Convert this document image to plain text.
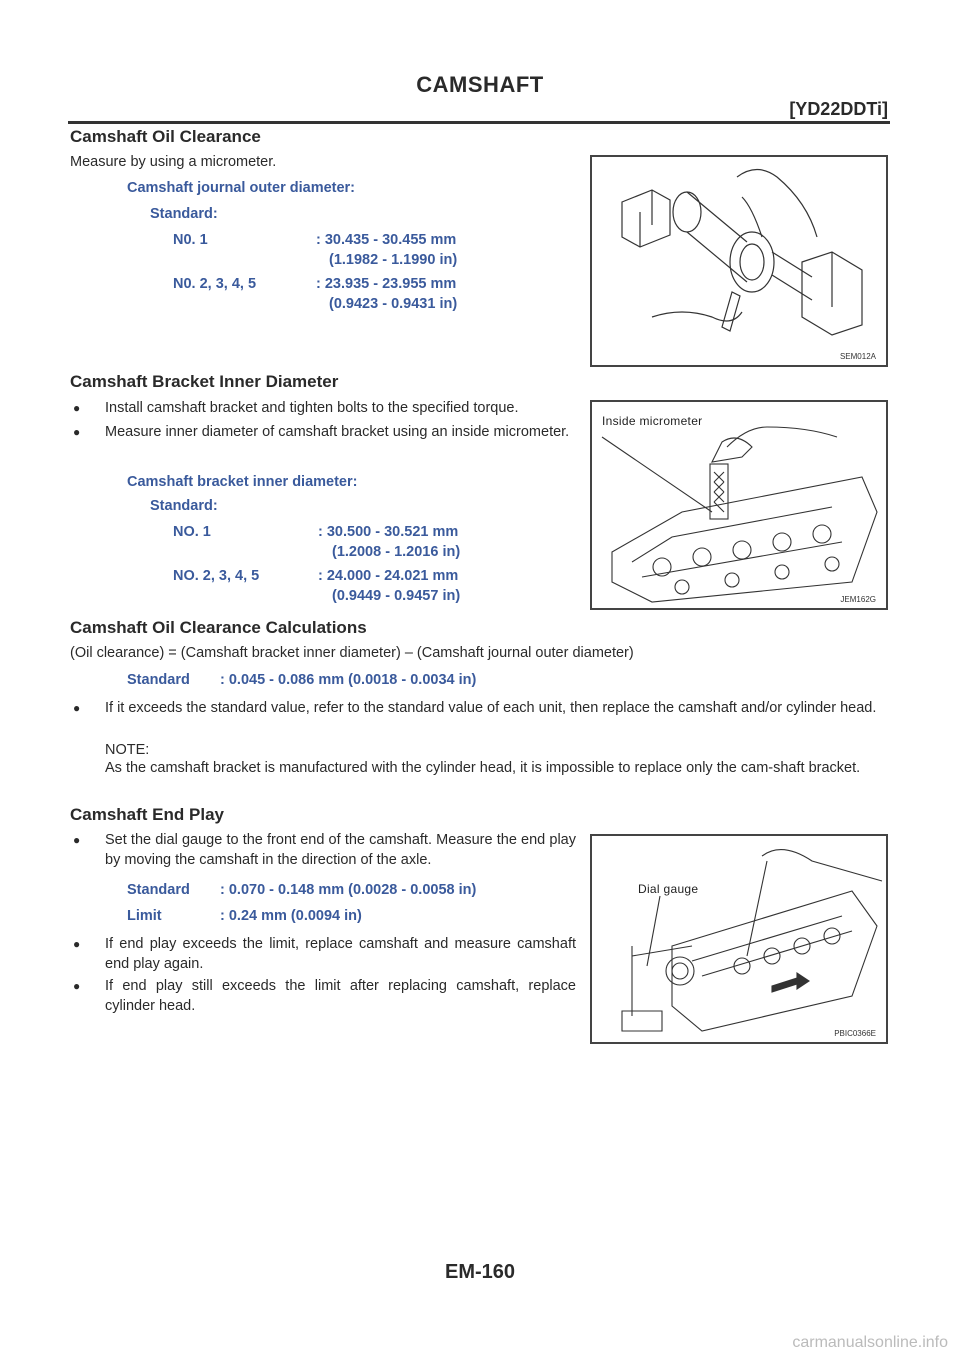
CAMSHAFT
[YD22DDTi]
Camshaft Oil Clearance
Measure by using a micrometer.
Camshaft journal outer diameter:
Standard:
N0. 1	: 30.435 - 30.455 mm
(1.1982 - 1.1990 in)
N0. 2, 3, 4, 5	: 23.935 - 23.955 mm
(0.9423 - 0.9431 in)
SEM012A
Camshaft Bracket Inner Diameter
● Install camshaft bracket and tighten bolts to the specified torque.
● Measure inner diameter of camshaft bracket using an inside micrometer.
Camshaft bracket inner diameter:
Standard:
NO. 1	: 30.500 - 30.521 mm
(1.2008 - 1.2016 in)
NO. 2, 3, 4, 5	: 24.000 - 24.021 mm
(0.9449 - 0.9457 in)
Inside micrometer
JEM162G
Camshaft Oil Clearance Calculations
(Oil clearance) = (Camshaft bracket inner diameter) – (Camshaft journal outer diameter)
Standard : 0.045 - 0.086 mm (0.0018 - 0.0034 in)
● If it exceeds the standard value, refer to the standard value of each unit, then replace the camshaft and/or cylinder head.
NOTE:
As the camshaft bracket is manufactured with the cylinder head, it is impossible to replace only the cam-shaft bracket.
Camshaft End Play
● Set the dial gauge to the front end of the camshaft. Measure the end play by moving the camshaft in the direction of the axle.
Standard : 0.070 - 0.148 mm (0.0028 - 0.0058 in)
Limit	: 0.24 mm (0.0094 in)
● If end play exceeds the limit, replace camshaft and measure camshaft end play again.
● If end play still exceeds the limit after replacing camshaft, replace cylinder head.
Dial gauge
PBIC0366E
EM-160
carmanualsonline.info
